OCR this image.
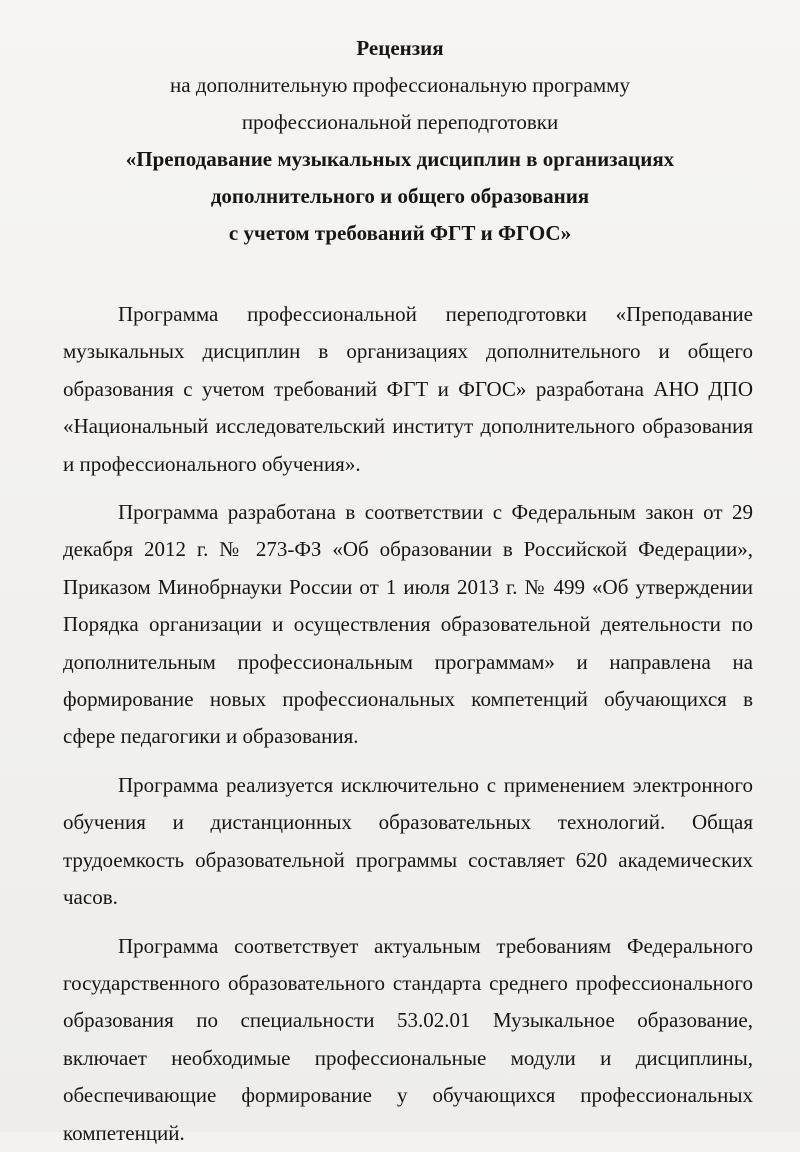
Рецензия
на дополнительную профессиональную программу
профессиональной переподготовки
«Преподавание музыкальных дисциплин в организациях
дополнительного и общего образования
с учетом требований ФГТ и ФГОС»

Программа профессиональной переподготовки «Преподавание музыкальных дисциплин в организациях дополнительного и общего образования с учетом требований ФГТ и ФГОС» разработана АНО ДПО «Национальный исследовательский институт дополнительного образования и профессионального обучения».

Программа разработана в соответствии с Федеральным закон от 29 декабря 2012 г. № 273-ФЗ «Об образовании в Российской Федерации», Приказом Минобрнауки России от 1 июля 2013 г. № 499 «Об утверждении Порядка организации и осуществления образовательной деятельности по дополнительным профессиональным программам» и направлена на формирование новых профессиональных компетенций обучающихся в сфере педагогики и образования.

Программа реализуется исключительно с применением электронного обучения и дистанционных образовательных технологий. Общая трудоемкость образовательной программы составляет 620 академических часов.

Программа соответствует актуальным требованиям Федерального государственного образовательного стандарта среднего профессионального образования по специальности 53.02.01 Музыкальное образование, включает необходимые профессиональные модули и дисциплины, обеспечивающие формирование у обучающихся профессиональных компетенций.
